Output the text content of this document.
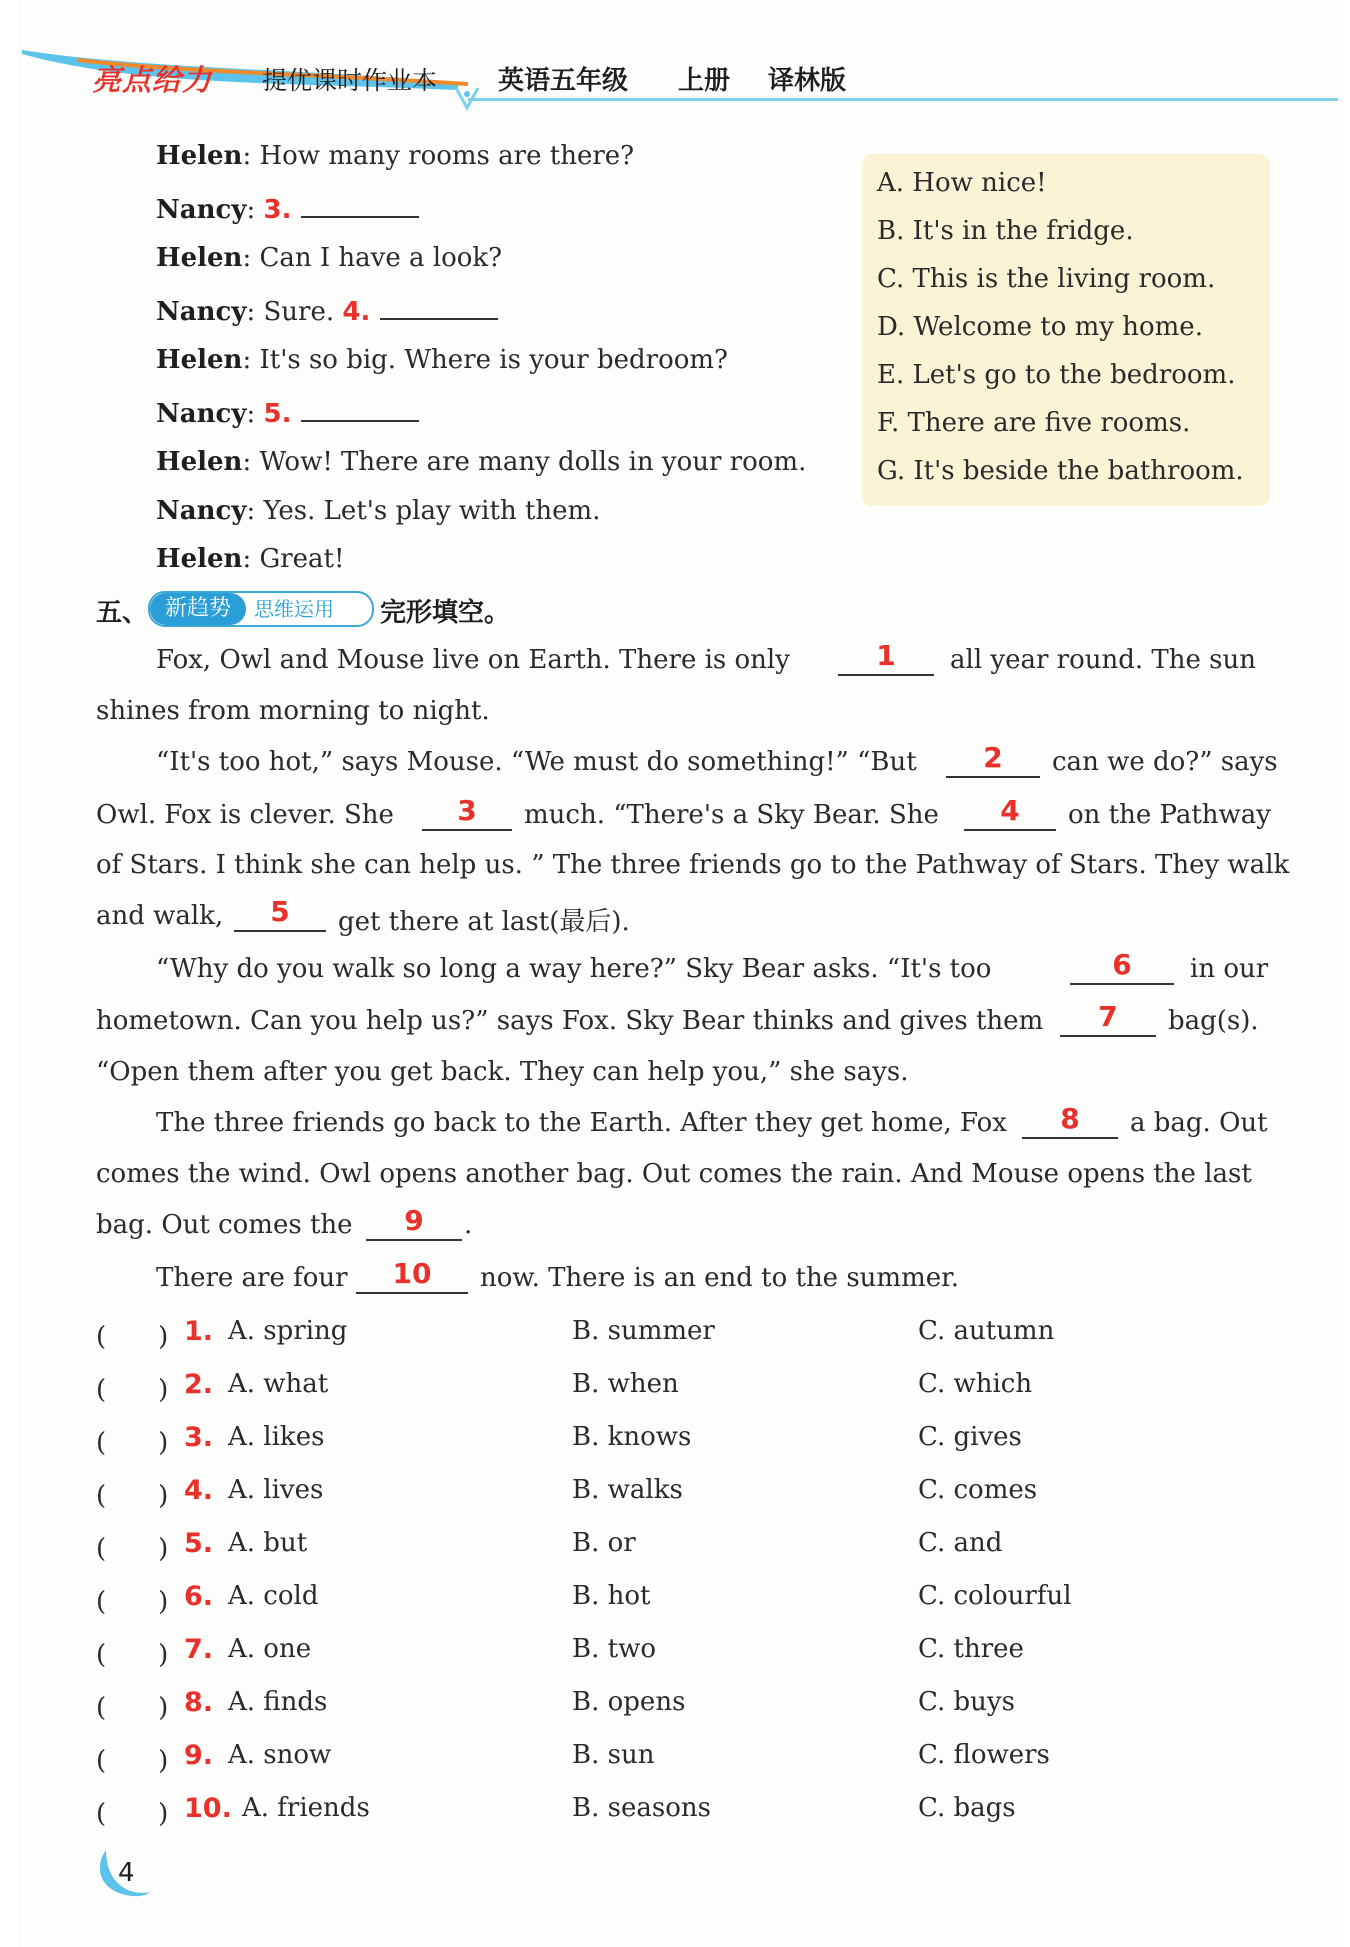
亮点给力 提优课时作业本 英语五年级 上册 译林版
Helen: How many rooms are there?
Nancy: 3.
Helen: Can I have a look?
Nancy: Sure. 4.
Helen: It's so big. Where is your bedroom?
Nancy: 5.
Helen: Wow! There are many dolls in your room.
Nancy: Yes. Let's play with them.
Helen: Great!
A. How nice!
B. It's in the fridge.
C. This is the living room.
D. Welcome to my home.
E. Let's go to the bedroom.
F. There are five rooms.
G. It's beside the bathroom.
五、 新趋势	思维运用	完形填空。
Fox, Owl and Mouse live on Earth. There is only	1	all year round. The sun
shines from morning to night.
“It's too hot,” says Mouse. “We must do something!” “But	2	can we do?” says
Owl. Fox is clever. She	3	much. “There's a Sky Bear. She	4	on the Pathway
of Stars. I think she can help us. ” The three friends go to the Pathway of Stars. They walk
and walk,	5	get there at last(最后).
“Why do you walk so long a way here?” Sky Bear asks. “It's too	6	in our
hometown. Can you help us?” says Fox. Sky Bear thinks and gives them	7	bag(s).
“Open them after you get back. They can help you,” she says.
The three friends go back to the Earth. After they get home, Fox	8	a bag. Out
comes the wind. Owl opens another bag. Out comes the rain. And Mouse opens the last
bag. Out comes the	9	.
There are four	10	now. There is an end to the summer.
(　　) 1. A. spring	B. summer	C. autumn
(　　) 2. A. what	B. when	C. which
(　　) 3. A. likes	B. knows	C. gives
(　　) 4. A. lives	B. walks	C. comes
(　　) 5. A. but	B. or	C. and
(　　) 6. A. cold	B. hot	C. colourful
(　　) 7. A. one	B. two	C. three
(　　) 8. A. finds	B. opens	C. buys
(　　) 9. A. snow	B. sun	C. flowers
(　　) 10. A. friends	B. seasons	C. bags
4
